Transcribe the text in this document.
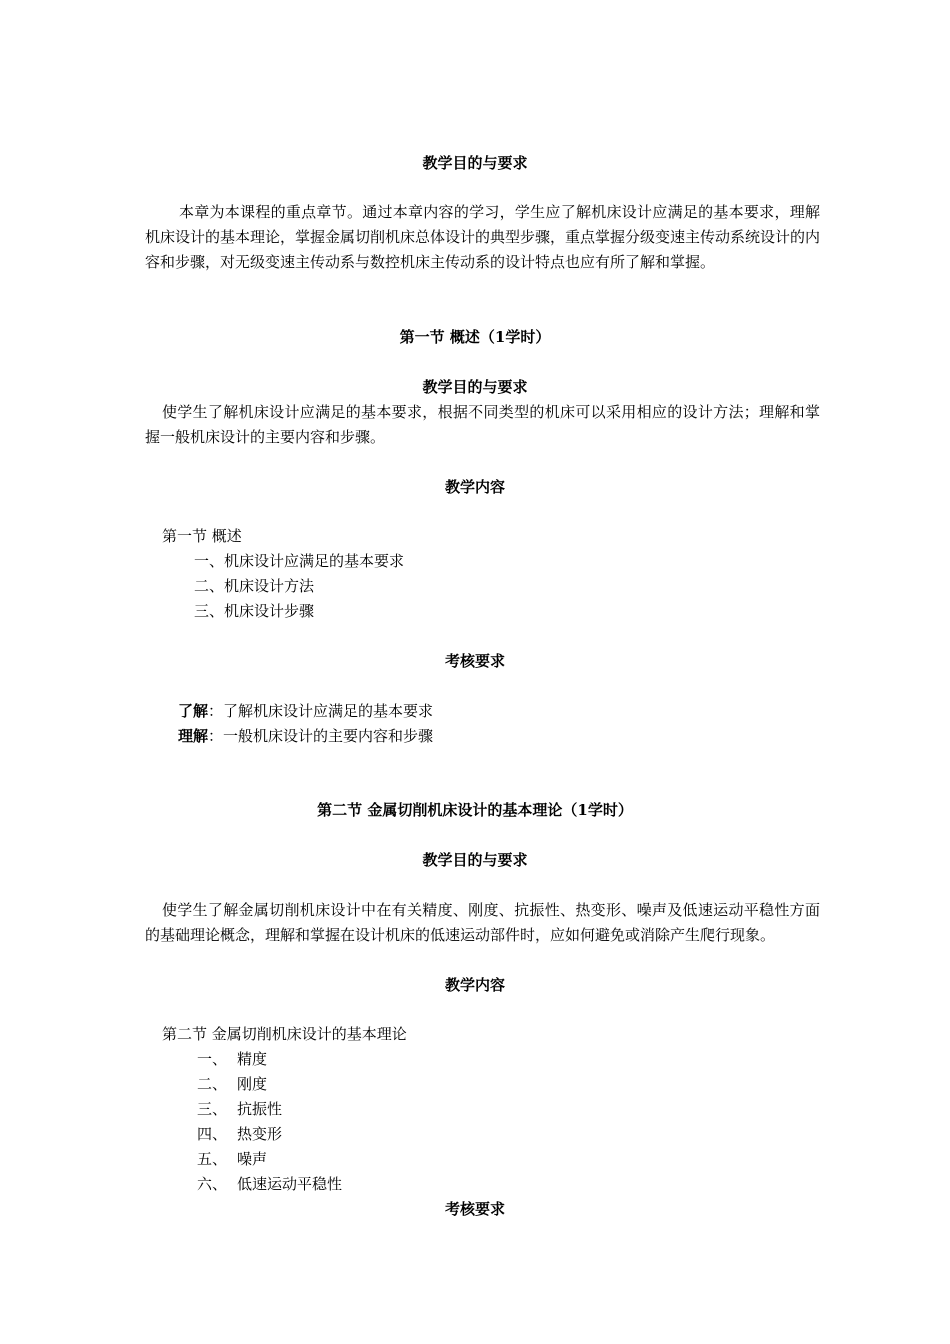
教学目的与要求
本章为本课程的重点章节。通过本章内容的学习，学生应了解机床设计应满足的基本要求，理解机床设计的基本理论，掌握金属切削机床总体设计的典型步骤，重点掌握分级变速主传动系统设计的内容和步骤，对无级变速主传动系与数控机床主传动系的设计特点也应有所了解和掌握。
第一节 概述（1学时）
教学目的与要求
使学生了解机床设计应满足的基本要求，根据不同类型的机床可以采用相应的设计方法；理解和掌握一般机床设计的主要内容和步骤。
教学内容
第一节 概述
一、机床设计应满足的基本要求
二、机床设计方法
三、机床设计步骤
考核要求
了解：了解机床设计应满足的基本要求
理解：一般机床设计的主要内容和步骤
第二节 金属切削机床设计的基本理论（1学时）
教学目的与要求
使学生了解金属切削机床设计中在有关精度、刚度、抗振性、热变形、噪声及低速运动平稳性方面的基础理论概念，理解和掌握在设计机床的低速运动部件时，应如何避免或消除产生爬行现象。
教学内容
第二节 金属切削机床设计的基本理论
一、 精度
二、 刚度
三、 抗振性
四、 热变形
五、 噪声
六、 低速运动平稳性
考核要求
